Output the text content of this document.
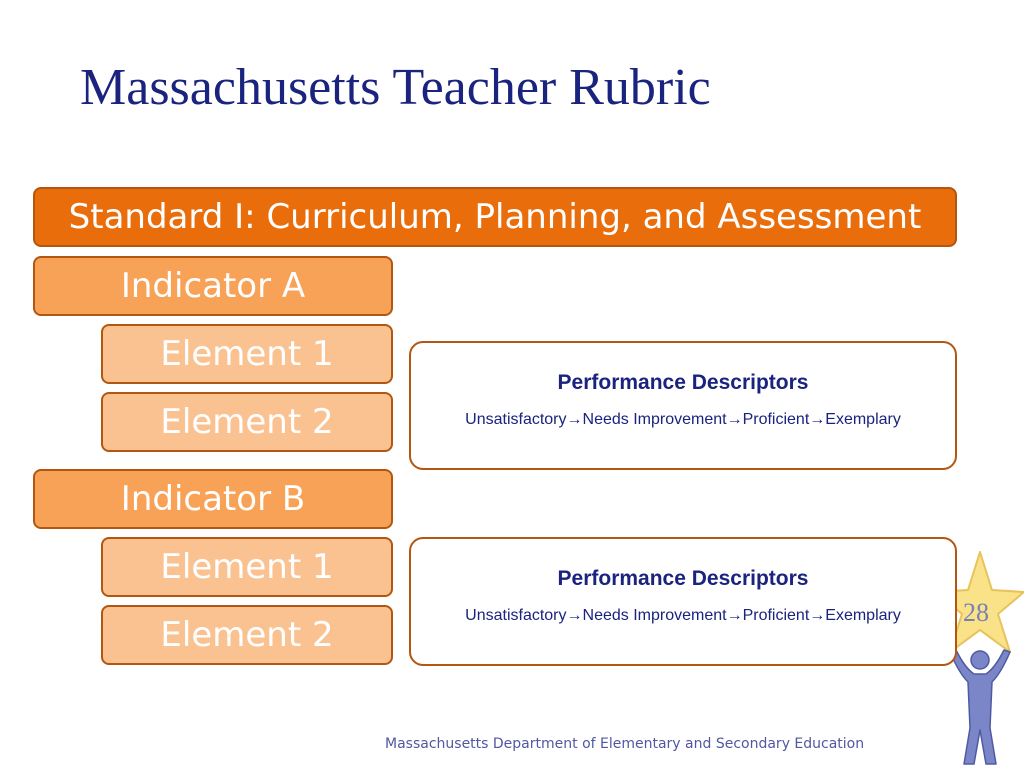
Massachusetts Teacher Rubric
Standard I: Curriculum, Planning, and Assessment
Indicator A
Element 1
Element 2
Performance Descriptors
Unsatisfactory→Needs Improvement→Proficient→Exemplary
Indicator B
Element 1
Element 2
28
Performance Descriptors
Unsatisfactory→Needs Improvement→Proficient→Exemplary
Massachusetts Department of Elementary and Secondary Education
